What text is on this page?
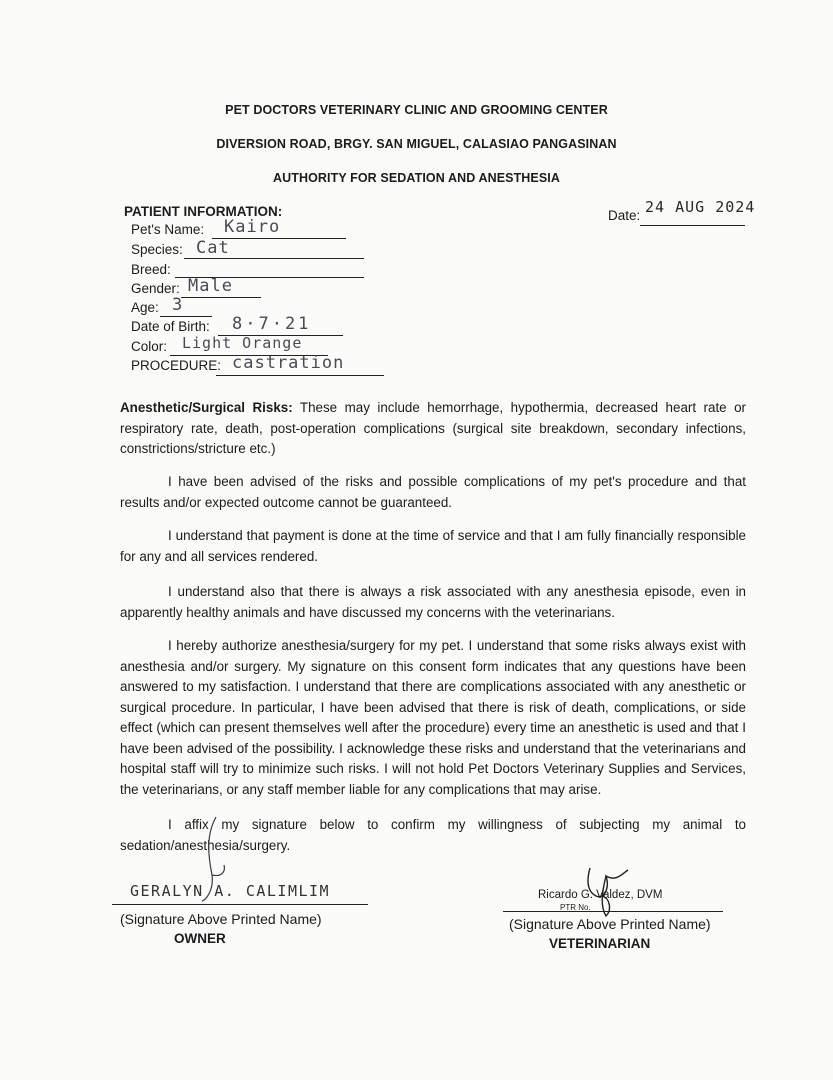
PET DOCTORS VETERINARY CLINIC AND GROOMING CENTER
DIVERSION ROAD, BRGY. SAN MIGUEL, CALASIAO PANGASINAN
AUTHORITY FOR SEDATION AND ANESTHESIA
PATIENT INFORMATION:	Date: 24 AUG 2024
Pet's Name: Kairo
Species: Cat
Breed:
Gender: Male
Age: 3
Date of Birth: 8·7·21
Color: Light Orange
PROCEDURE: castration
Anesthetic/Surgical Risks: These may include hemorrhage, hypothermia, decreased heart rate or respiratory rate, death, post-operation complications (surgical site breakdown, secondary infections, constrictions/stricture etc.)
I have been advised of the risks and possible complications of my pet's procedure and that results and/or expected outcome cannot be guaranteed.
I understand that payment is done at the time of service and that I am fully financially responsible for any and all services rendered.
I understand also that there is always a risk associated with any anesthesia episode, even in apparently healthy animals and have discussed my concerns with the veterinarians.
I hereby authorize anesthesia/surgery for my pet. I understand that some risks always exist with anesthesia and/or surgery. My signature on this consent form indicates that any questions have been answered to my satisfaction. I understand that there are complications associated with any anesthetic or surgical procedure. In particular, I have been advised that there is risk of death, complications, or side effect (which can present themselves well after the procedure) every time an anesthetic is used and that I have been advised of the possibility. I acknowledge these risks and understand that the veterinarians and hospital staff will try to minimize such risks. I will not hold Pet Doctors Veterinary Supplies and Services, the veterinarians, or any staff member liable for any complications that may arise.
I affix my signature below to confirm my willingness of subjecting my animal to sedation/anesthesia/surgery.
GERALYN A. CALIMLIM
(Signature Above Printed Name)
OWNER
Ricardo G. Valdez, DVM
PTR No.
(Signature Above Printed Name)
VETERINARIAN
